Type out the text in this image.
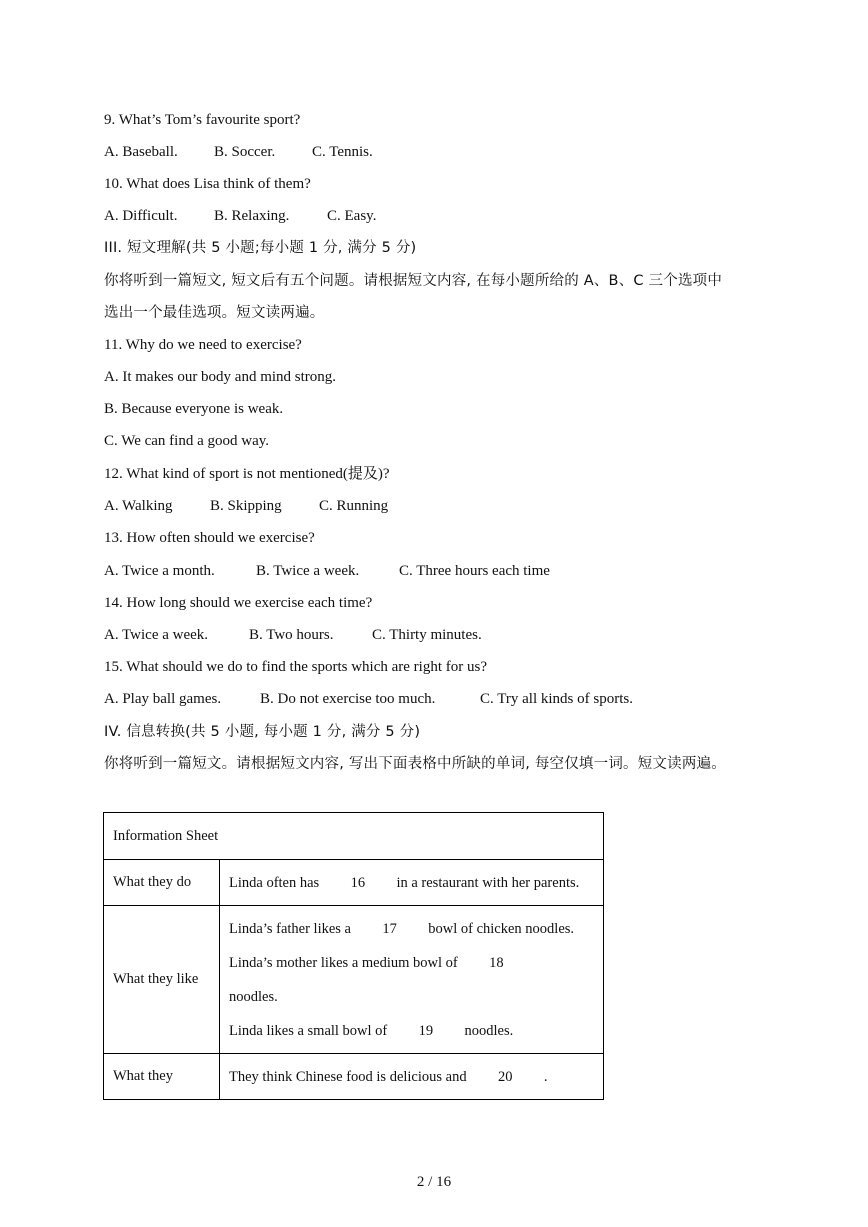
9. What’s Tom’s favourite sport?
A. Baseball. B. Soccer. C. Tennis.
10. What does Lisa think of them?
A. Difficult. B. Relaxing.	C. Easy.
III. 短文理解(共 5 小题;每小题 1 分, 满分 5 分)
你将听到一篇短文, 短文后有五个问题。请根据短文内容, 在每小题所给的 A、B、C 三个选项中
选出一个最佳选项。短文读两遍。
11. Why do we need to exercise?
A. It makes our body and mind strong.
B. Because everyone is weak.
C. We can find a good way.
12. What kind of sport is not mentioned(提及)?
A. Walking B. Skipping C. Running
13. How often should we exercise?
A. Twice a month.	B. Twice a week.	C. Three hours each time
14. How long should we exercise each time?
A. Twice a week.	B. Two hours.	C. Thirty minutes.
15. What should we do to find the sports which are right for us?
A. Play ball games.	B. Do not exercise too much.	C. Try all kinds of sports.
IV. 信息转换(共 5 小题, 每小题 1 分, 满分 5 分)
你将听到一篇短文。请根据短文内容, 写出下面表格中所缺的单词, 每空仅填一词。短文读两遍。
Information Sheet	
What they do	Linda often has 16 in a restaurant with her parents.

What they like	Linda’s father likes a 17 bowl of chicken noodles.
Linda’s mother likes a medium bowl of 18
noodles.
Linda likes a small bowl of 19 noodles.

What they	They think Chinese food is delicious and 20 .
2 / 16
